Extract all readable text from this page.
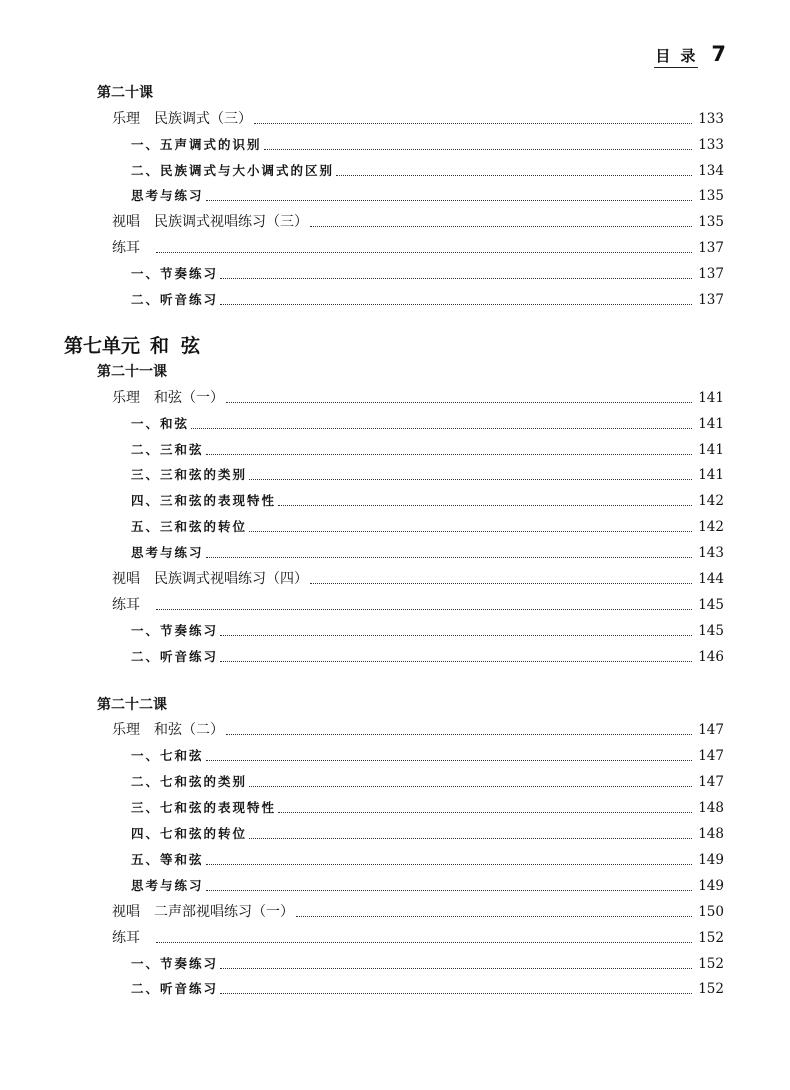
目录 7
第二十课
乐理 民族调式（三）	133
一、五声调式的识别	133
二、民族调式与大小调式的区别	134
思考与练习	135
视唱 民族调式视唱练习（三）	135
练耳	137
一、节奏练习	137
二、听音练习	137
第七单元 和弦
第二十一课
乐理 和弦（一）	141
一、和弦	141
二、三和弦	141
三、三和弦的类别	141
四、三和弦的表现特性	142
五、三和弦的转位	142
思考与练习	143
视唱 民族调式视唱练习（四）	144
练耳	145
一、节奏练习	145
二、听音练习	146
第二十二课
乐理 和弦（二）	147
一、七和弦	147
二、七和弦的类别	147
三、七和弦的表现特性	148
四、七和弦的转位	148
五、等和弦	149
思考与练习	149
视唱 二声部视唱练习（一）	150
练耳	152
一、节奏练习	152
二、听音练习	152
